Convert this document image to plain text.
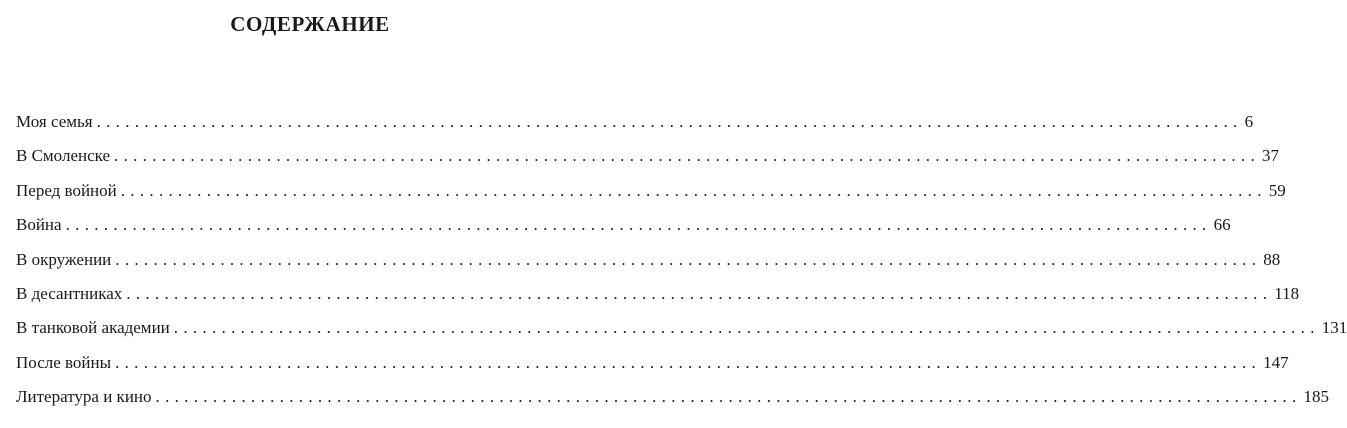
СОДЕРЖАНИЕ
Моя семья ........................................................................................................................ 6
В Смоленске ........................................................................................................................ 37
Перед войной ........................................................................................................................ 59
Война ........................................................................................................................ 66
В окружении ........................................................................................................................ 88
В десантниках ........................................................................................................................ 118
В танковой академии ........................................................................................................................ 131
После войны ........................................................................................................................ 147
Литература и кино ........................................................................................................................ 185
